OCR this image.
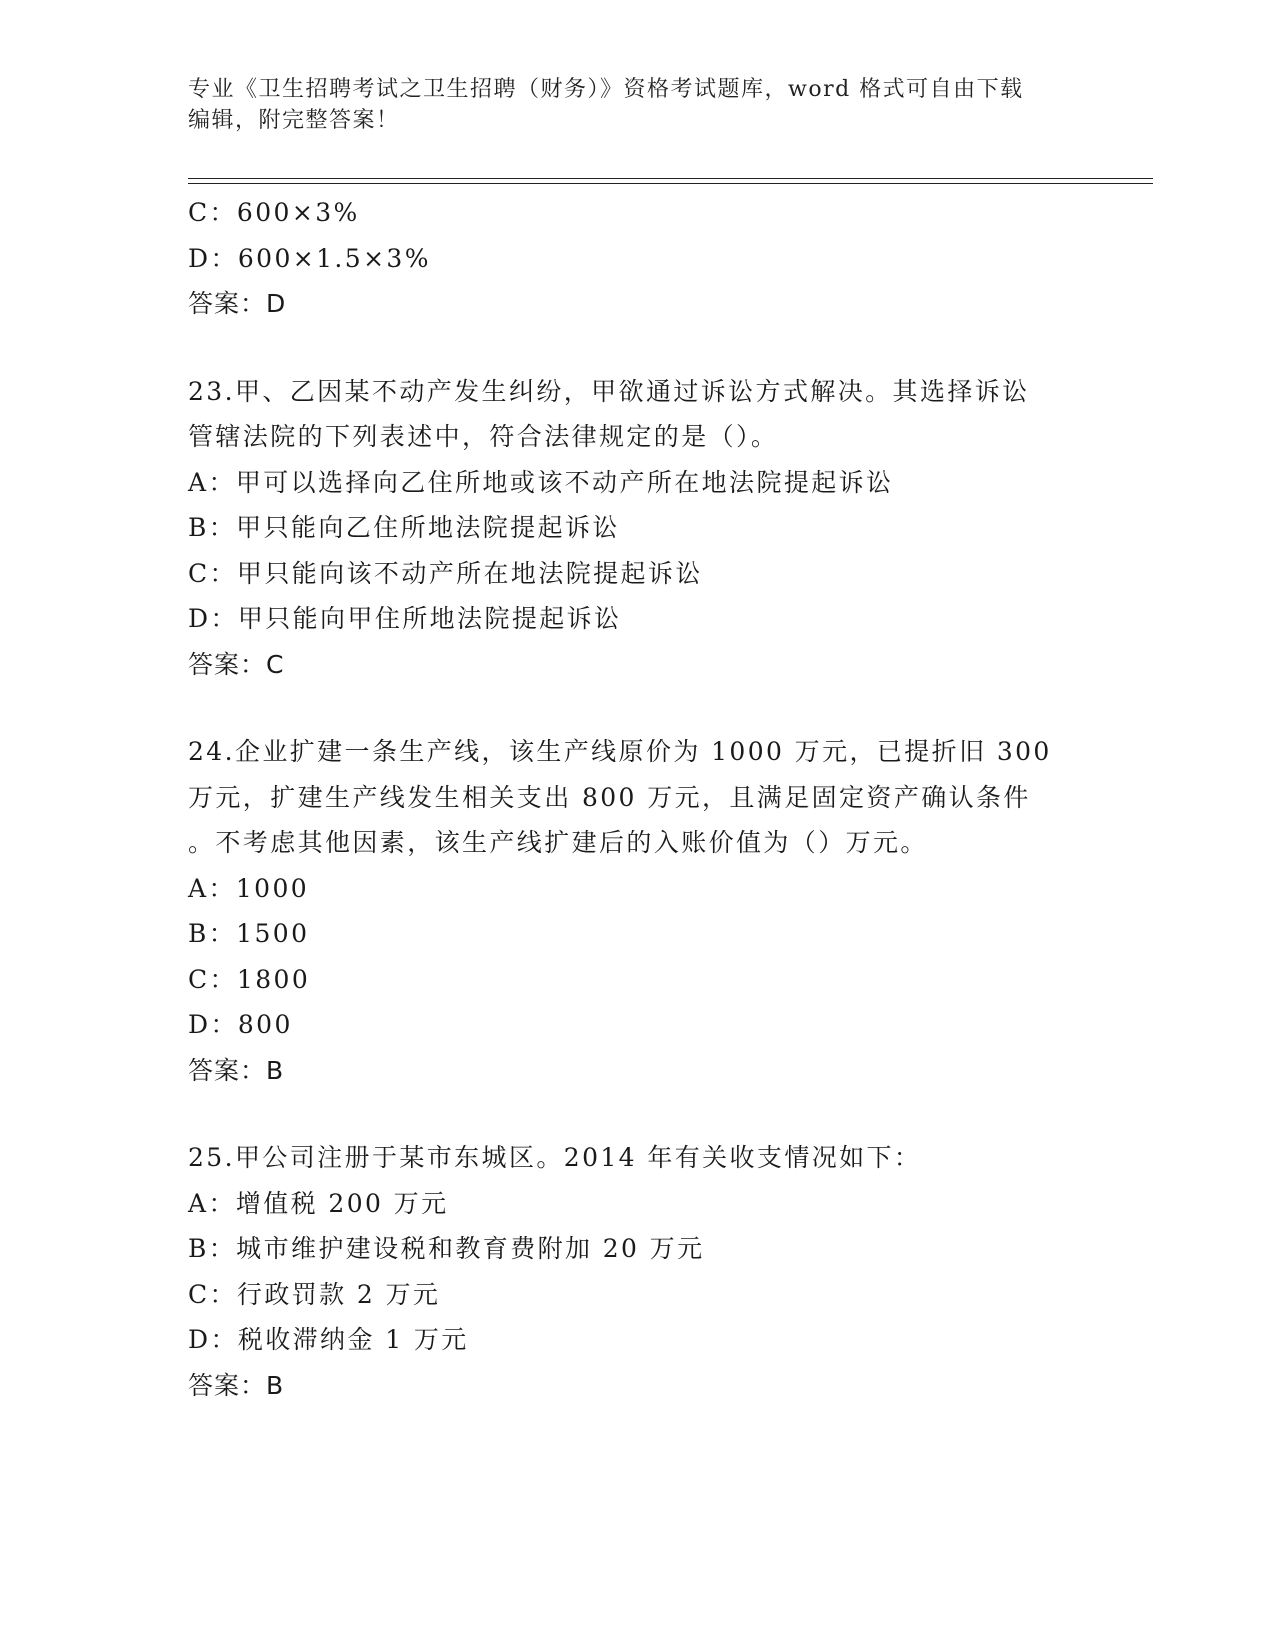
专业《卫生招聘考试之卫生招聘（财务）》资格考试题库，word 格式可自由下载
编辑，附完整答案！
C：600×3%
D：600×1.5×3%
答案：D
23.甲、乙因某不动产发生纠纷，甲欲通过诉讼方式解决。其选择诉讼
管辖法院的下列表述中，符合法律规定的是（）。
A：甲可以选择向乙住所地或该不动产所在地法院提起诉讼
B：甲只能向乙住所地法院提起诉讼
C：甲只能向该不动产所在地法院提起诉讼
D：甲只能向甲住所地法院提起诉讼
答案：C
24.企业扩建一条生产线，该生产线原价为 1000 万元，已提折旧 300
万元，扩建生产线发生相关支出 800 万元，且满足固定资产确认条件
。不考虑其他因素，该生产线扩建后的入账价值为（）万元。
A：1000
B：1500
C：1800
D：800
答案：B
25.甲公司注册于某市东城区。2014 年有关收支情况如下：
A：增值税 200 万元
B：城市维护建设税和教育费附加 20 万元
C：行政罚款 2 万元
D：税收滞纳金 1 万元
答案：B
